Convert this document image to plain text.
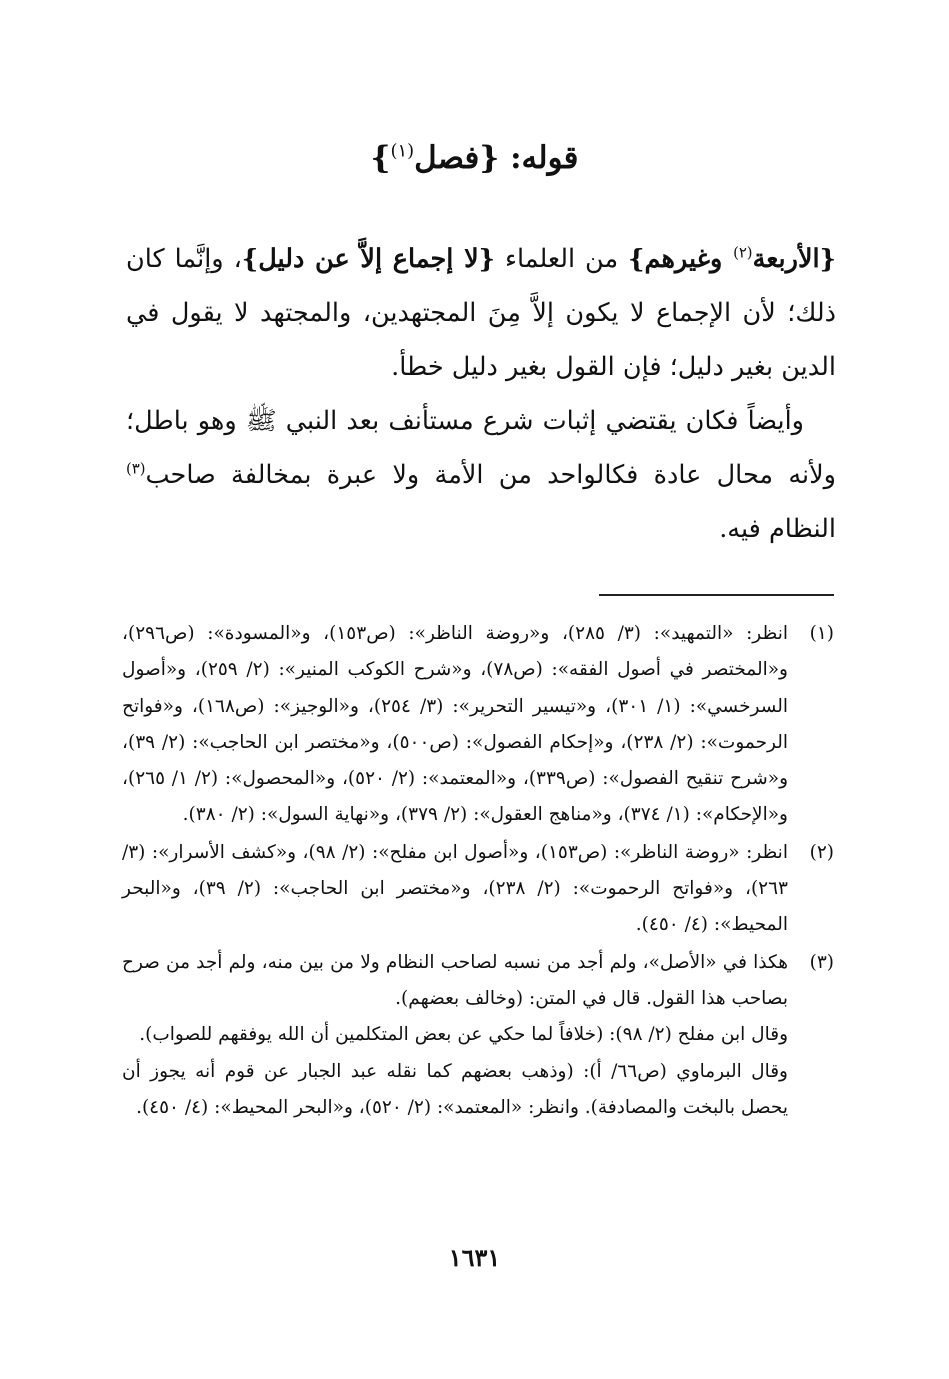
قوله: {فصل$^{(١)}$}

{الأربعة$^{(٢)}$ وغيرهم} من العلماء {لا إجماع إلاَّ عن دليل}، وإنَّما كان ذلك؛ لأن الإجماع لا يكون إلاَّ مِنَ المجتهدين، والمجتهد لا يقول في الدين بغير دليل؛ فإن القول بغير دليل خطأ.

وأيضاً فكان يقتضي إثبات شرع مستأنف بعد النبي ﷺ وهو باطل؛ ولأنه محال عادة فكالواحد من الأمة ولا عبرة بمخالفة صاحب$^{(٣)}$ النظام فيه.

(١)
انظر: «التمهيد»: (٣/ ٢٨٥)، و«روضة الناظر»: (ص١٥٣)، و«المسودة»: (ص٢٩٦)، و«المختصر في أصول الفقه»: (ص٧٨)، و«شرح الكوكب المنير»: (٢/ ٢٥٩)، و«أصول السرخسي»: (١/ ٣٠١)، و«تيسير التحرير»: (٣/ ٢٥٤)، و«الوجيز»: (ص١٦٨)، و«فواتح الرحموت»: (٢/ ٢٣٨)، و«إحكام الفصول»: (ص٥٠٠)، و«مختصر ابن الحاجب»: (٢/ ٣٩)، و«شرح تنقيح الفصول»: (ص٣٣٩)، و«المعتمد»: (٢/ ٥٢٠)، و«المحصول»: (٢/ ١/ ٢٦٥)، و«الإحكام»: (١/ ٣٧٤)، و«مناهج العقول»: (٢/ ٣٧٩)، و«نهاية السول»: (٢/ ٣٨٠).
(٢)
انظر: «روضة الناظر»: (ص١٥٣)، و«أصول ابن مفلح»: (٢/ ٩٨)، و«كشف الأسرار»: (٣/ ٢٦٣)، و«فواتح الرحموت»: (٢/ ٢٣٨)، و«مختصر ابن الحاجب»: (٢/ ٣٩)، و«البحر المحيط»: (٤/ ٤٥٠).
(٣)
هكذا في «الأصل»، ولم أجد من نسبه لصاحب النظام ولا من بين منه، ولم أجد من صرح بصاحب هذا القول. قال في المتن: (وخالف بعضهم).
وقال ابن مفلح (٢/ ٩٨): (خلافاً لما حكي عن بعض المتكلمين أن الله يوفقهم للصواب).
وقال البرماوي (ص٦٦/ أ): (وذهب بعضهم كما نقله عبد الجبار عن قوم أنه يجوز أن يحصل بالبخت والمصادفة). وانظر: «المعتمد»: (٢/ ٥٢٠)، و«البحر المحيط»: (٤/ ٤٥٠).
١٦٣١
